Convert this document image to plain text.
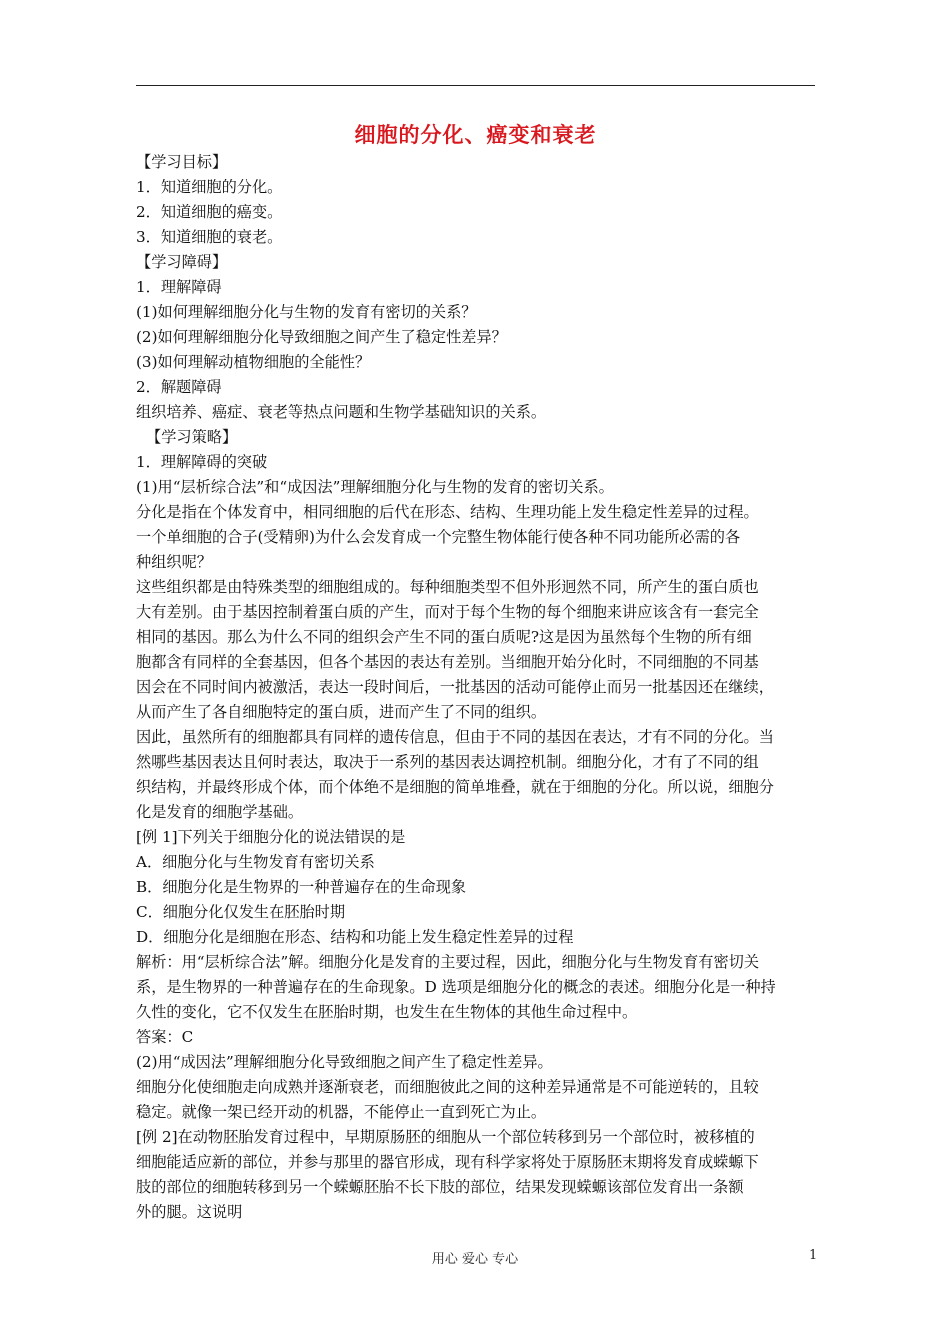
细胞的分化、癌变和衰老

【学习目标】

1．知道细胞的分化。

2．知道细胞的癌变。

3．知道细胞的衰老。

【学习障碍】

1．理解障碍

(1)如何理解细胞分化与生物的发育有密切的关系？

(2)如何理解细胞分化导致细胞之间产生了稳定性差异？

(3)如何理解动植物细胞的全能性？

2．解题障碍

组织培养、癌症、衰老等热点问题和生物学基础知识的关系。

【学习策略】

1．理解障碍的突破

(1)用“层析综合法”和“成因法”理解细胞分化与生物的发育的密切关系。

分化是指在个体发育中，相同细胞的后代在形态、结构、生理功能上发生稳定性差异的过程。

一个单细胞的合子(受精卵)为什么会发育成一个完整生物体能行使各种不同功能所必需的各

种组织呢？

这些组织都是由特殊类型的细胞组成的。每种细胞类型不但外形迥然不同，所产生的蛋白质也

大有差别。由于基因控制着蛋白质的产生，而对于每个生物的每个细胞来讲应该含有一套完全

相同的基因。那么为什么不同的组织会产生不同的蛋白质呢?这是因为虽然每个生物的所有细

胞都含有同样的全套基因，但各个基因的表达有差别。当细胞开始分化时，不同细胞的不同基

因会在不同时间内被激活，表达一段时间后，一批基因的活动可能停止而另一批基因还在继续，

从而产生了各自细胞特定的蛋白质，进而产生了不同的组织。

因此，虽然所有的细胞都具有同样的遗传信息，但由于不同的基因在表达，才有不同的分化。当

然哪些基因表达且何时表达，取决于一系列的基因表达调控机制。细胞分化，才有了不同的组

织结构，并最终形成个体，而个体绝不是细胞的简单堆叠，就在于细胞的分化。所以说，细胞分

化是发育的细胞学基础。

[例 1]下列关于细胞分化的说法错误的是

A．细胞分化与生物发育有密切关系

B．细胞分化是生物界的一种普遍存在的生命现象

C．细胞分化仅发生在胚胎时期

D．细胞分化是细胞在形态、结构和功能上发生稳定性差异的过程

解析：用“层析综合法”解。细胞分化是发育的主要过程，因此，细胞分化与生物发育有密切关

系，是生物界的一种普遍存在的生命现象。D 选项是细胞分化的概念的表述。细胞分化是一种持

久性的变化，它不仅发生在胚胎时期，也发生在生物体的其他生命过程中。

答案：C

(2)用“成因法”理解细胞分化导致细胞之间产生了稳定性差异。

细胞分化使细胞走向成熟并逐渐衰老，而细胞彼此之间的这种差异通常是不可能逆转的，且较

稳定。就像一架已经开动的机器，不能停止一直到死亡为止。

[例 2]在动物胚胎发育过程中，早期原肠胚的细胞从一个部位转移到另一个部位时，被移植的

细胞能适应新的部位，并参与那里的器官形成，现有科学家将处于原肠胚末期将发育成蝾螈下

肢的部位的细胞转移到另一个蝾螈胚胎不长下肢的部位，结果发现蝾螈该部位发育出一条额

外的腿。这说明

用心 爱心 专心	1
